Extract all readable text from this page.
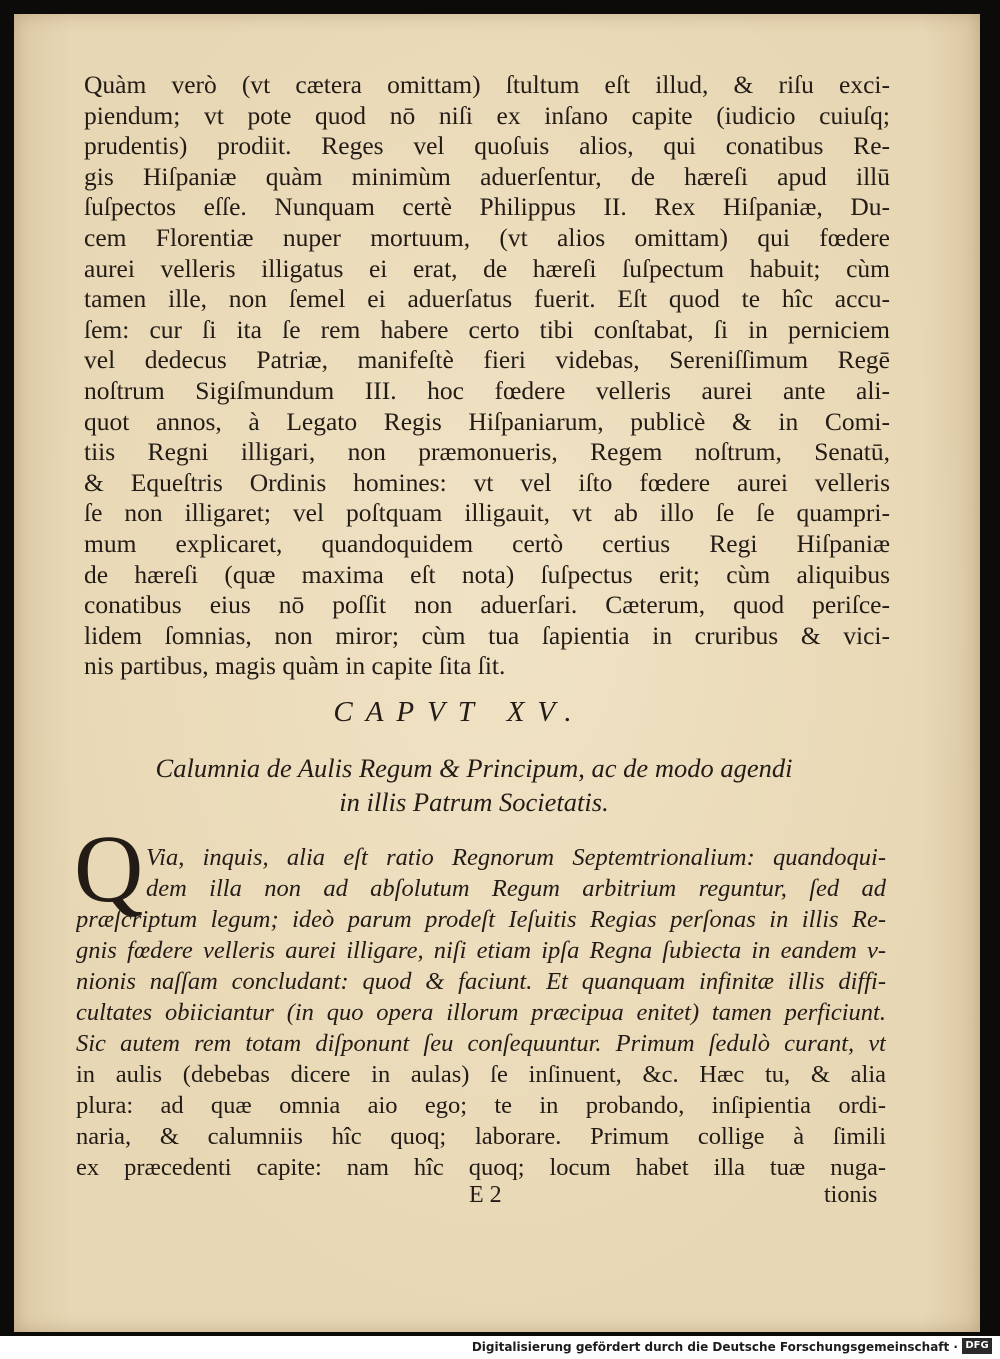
Quàm verò (vt cætera omittam) ſtultum eſt illud, & riſu exci-
piendum; vt pote quod nō niſi ex inſano capite (iudicio cuiuſq;
prudentis) prodiit. Reges vel quoſuis alios, qui conatibus Re-
gis Hiſpaniæ quàm minimùm aduerſentur, de hæreſi apud illū
ſuſpectos eſſe. Nunquam certè Philippus II. Rex Hiſpaniæ, Du-
cem Florentiæ nuper mortuum, (vt alios omittam) qui fœdere
aurei velleris illigatus ei erat, de hæreſi ſuſpectum habuit; cùm
tamen ille, non ſemel ei aduerſatus fuerit. Eſt quod te hîc accu-
ſem: cur ſi ita ſe rem habere certo tibi conſtabat, ſi in perniciem
vel dedecus Patriæ, manifeſtè fieri videbas, Sereniſſimum Regē
noſtrum Sigiſmundum III. hoc fœdere velleris aurei ante ali-
quot annos, à Legato Regis Hiſpaniarum, publicè & in Comi-
tiis Regni illigari, non præmonueris, Regem noſtrum, Senatū,
& Equeſtris Ordinis homines: vt vel iſto fœdere aurei velleris
ſe non illigaret; vel poſtquam illigauit, vt ab illo ſe ſe quampri-
mum explicaret, quandoquidem certò certius Regi Hiſpaniæ
de hæreſi (quæ maxima eſt nota) ſuſpectus erit; cùm aliquibus
conatibus eius nō poſſit non aduerſari. Cæterum, quod periſce-
lidem ſomnias, non miror; cùm tua ſapientia in cruribus & vici-
nis partibus, magis quàm in capite ſita ſit.
CAPVT XV.
Calumnia de Aulis Regum & Principum, ac de modo agendi
in illis Patrum Societatis.
Q Via, inquis, alia eſt ratio Regnorum Septemtrionalium: quandoqui-
dem illa non ad abſolutum Regum arbitrium reguntur, ſed ad
præſcriptum legum; ideò parum prodeſt Ieſuitis Regias perſonas in illis Re-
gnis fœdere velleris aurei illigare, niſi etiam ipſa Regna ſubiecta in eandem v-
nionis naſſam concludant: quod & faciunt. Et quanquam infinitæ illis diffi-
cultates obiiciantur (in quo opera illorum præcipua enitet) tamen perficiunt.
Sic autem rem totam diſponunt ſeu conſequuntur. Primum ſedulò curant, vt
in aulis (debebas dicere in aulas) ſe inſinuent, &c. Hæc tu, & alia
plura: ad quæ omnia aio ego; te in probando, inſipientia ordi-
naria, & calumniis hîc quoq; laborare. Primum collige à ſimili
ex præcedenti capite: nam hîc quoq; locum habet illa tuæ nuga-
E 2	tionis
Digitalisierung gefördert durch die Deutsche Forschungsgemeinschaft · DFG
